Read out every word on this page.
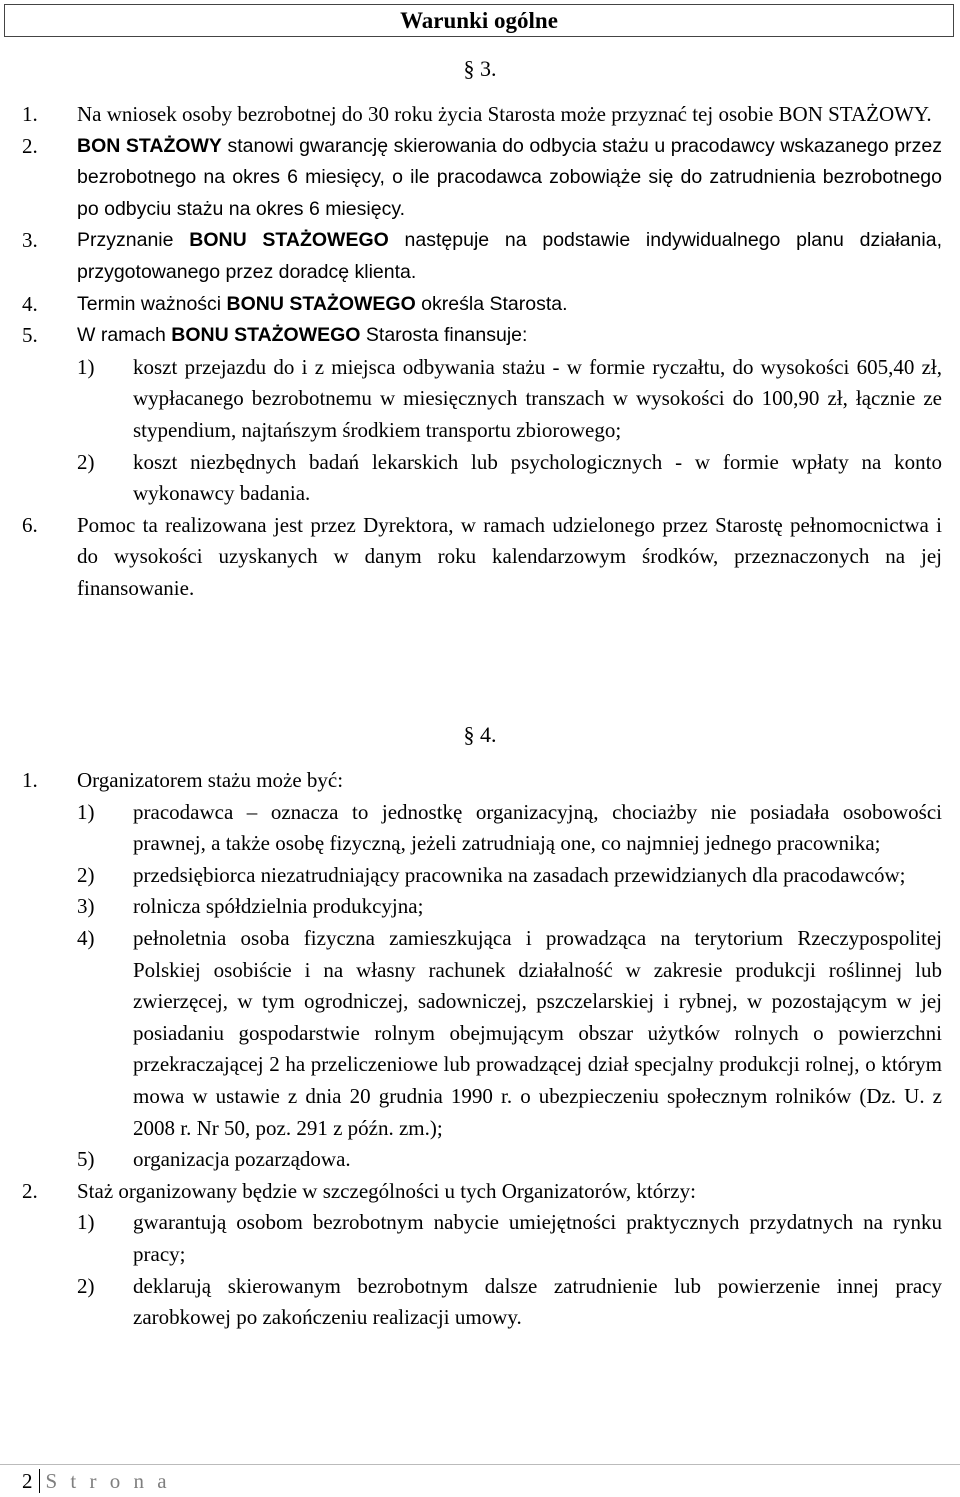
Warunki ogólne
§ 3.
1. Na wniosek osoby bezrobotnej do 30 roku życia Starosta może przyznać tej osobie BON STAŻOWY.
2. BON STAŻOWY stanowi gwarancję skierowania do odbycia stażu u pracodawcy wskazanego przez bezrobotnego na okres 6 miesięcy, o ile pracodawca zobowiąże się do zatrudnienia bezrobotnego po odbyciu stażu na okres 6 miesięcy.
3. Przyznanie BONU STAŻOWEGO następuje na podstawie indywidualnego planu działania, przygotowanego przez doradcę klienta.
4. Termin ważności BONU STAŻOWEGO określa Starosta.
5. W ramach BONU STAŻOWEGO Starosta finansuje:
1) koszt przejazdu do i z miejsca odbywania stażu - w formie ryczałtu, do wysokości 605,40 zł, wypłacanego bezrobotnemu w miesięcznych transzach w wysokości do 100,90 zł, łącznie ze stypendium, najtańszym środkiem transportu zbiorowego;
2) koszt niezbędnych badań lekarskich lub psychologicznych - w formie wpłaty na konto wykonawcy badania.
6. Pomoc ta realizowana jest przez Dyrektora, w ramach udzielonego przez Starostę pełnomocnictwa i do wysokości uzyskanych w danym roku kalendarzowym środków, przeznaczonych na jej finansowanie.
§ 4.
1. Organizatorem stażu może być:
1) pracodawca – oznacza to jednostkę organizacyjną, chociażby nie posiadała osobowości prawnej, a także osobę fizyczną, jeżeli zatrudniają one, co najmniej jednego pracownika;
2) przedsiębiorca niezatrudniający pracownika na zasadach przewidzianych dla pracodawców;
3) rolnicza spółdzielnia produkcyjna;
4) pełnoletnia osoba fizyczna zamieszkująca i prowadząca na terytorium Rzeczypospolitej Polskiej osobiście i na własny rachunek działalność w zakresie produkcji roślinnej lub zwierzęcej, w tym ogrodniczej, sadowniczej, pszczelarskiej i rybnej, w pozostającym w jej posiadaniu gospodarstwie rolnym obejmującym obszar użytków rolnych o powierzchni przekraczającej 2 ha przeliczeniowe lub prowadzącej dział specjalny produkcji rolnej, o którym mowa w ustawie z dnia 20 grudnia 1990 r. o ubezpieczeniu społecznym rolników (Dz. U. z 2008 r. Nr 50, poz. 291 z późn. zm.);
5) organizacja pozarządowa.
2. Staż organizowany będzie w szczególności u tych Organizatorów, którzy:
1) gwarantują osobom bezrobotnym nabycie umiejętności praktycznych przydatnych na rynku pracy;
2) deklarują skierowanym bezrobotnym dalsze zatrudnienie lub powierzenie innej pracy zarobkowej po zakończeniu realizacji umowy.
2 S t r o n a
